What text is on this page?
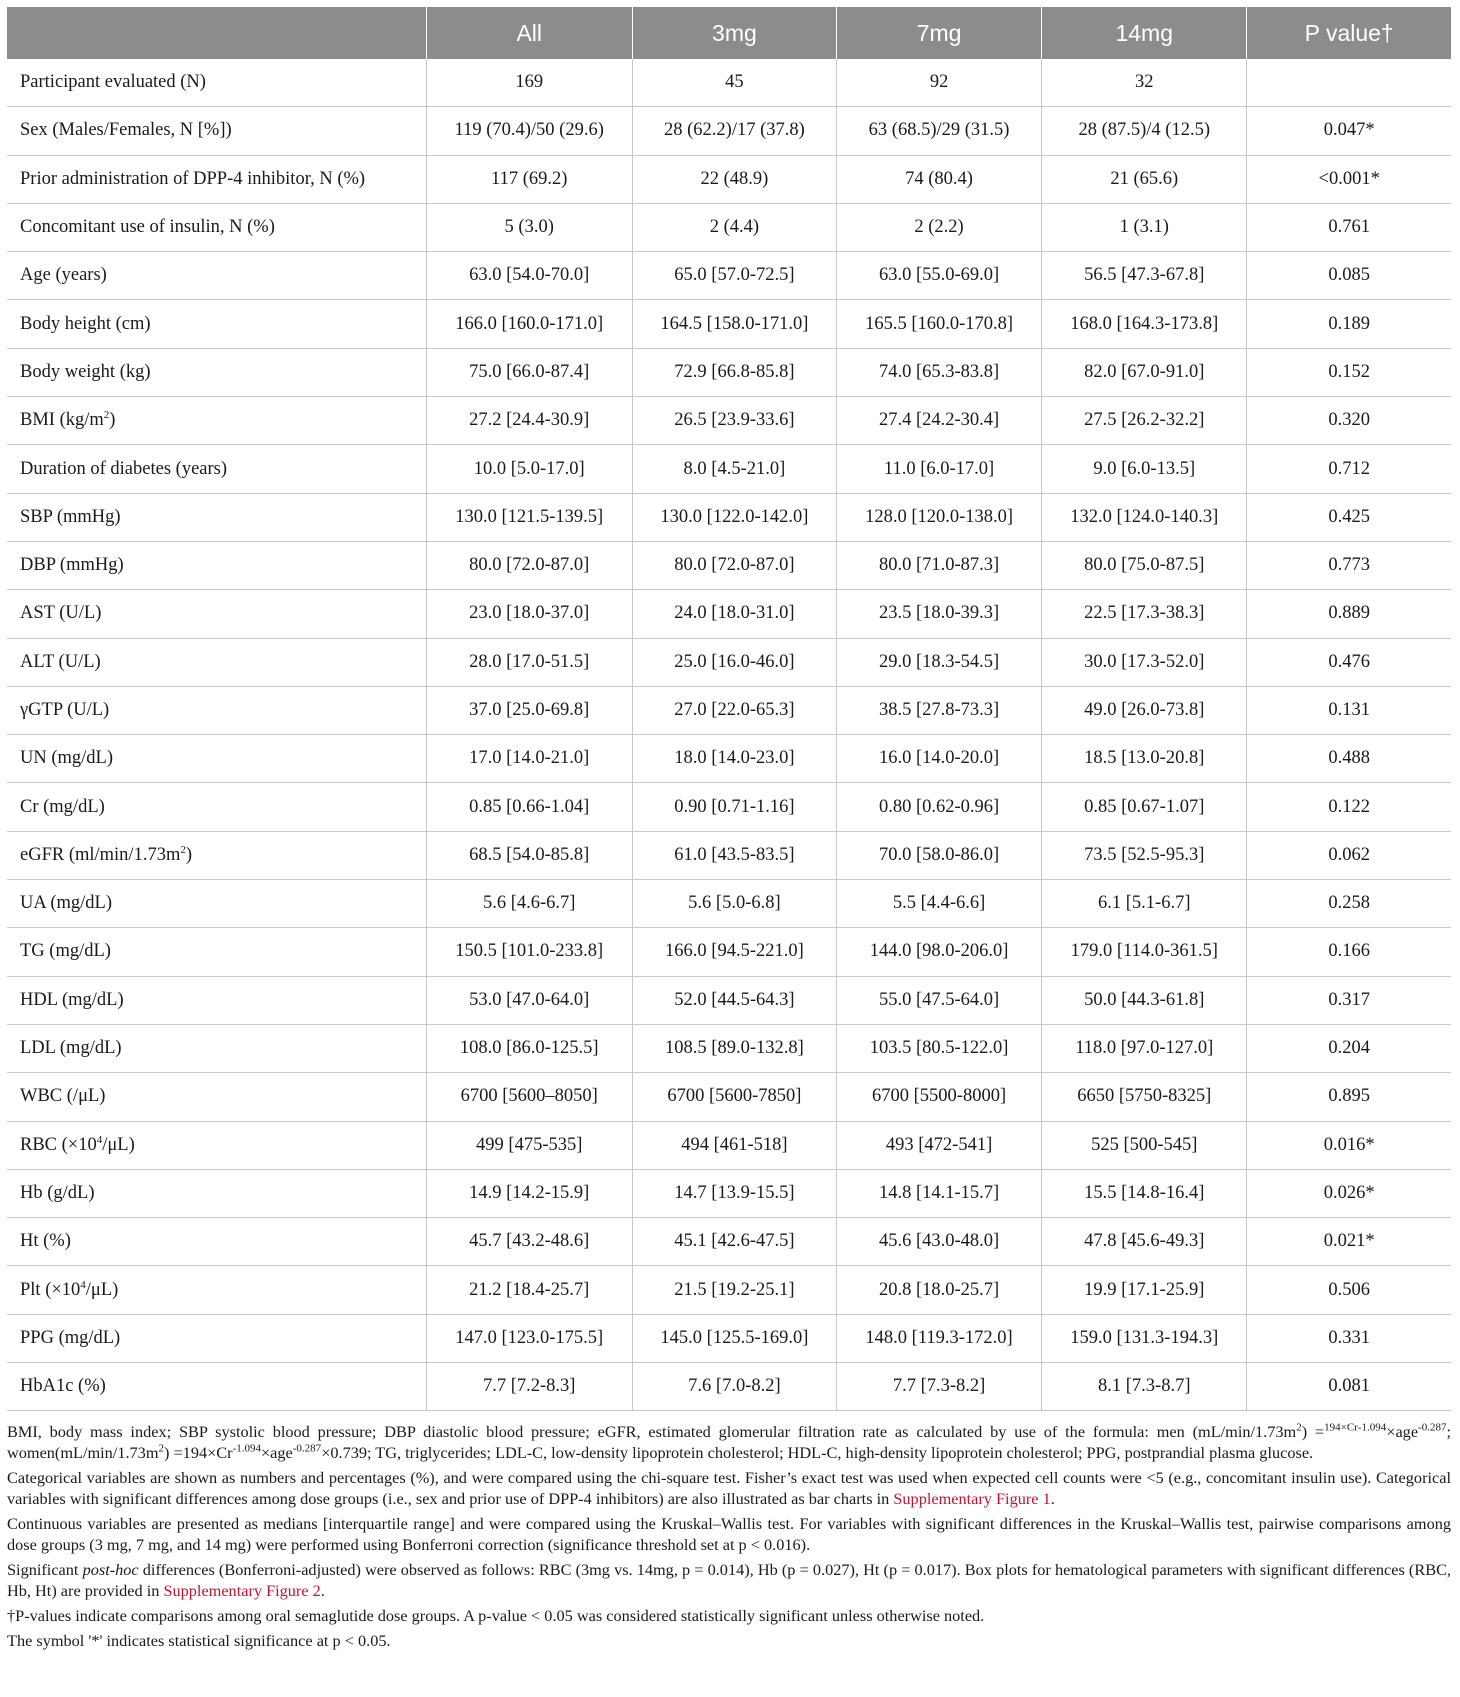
	All	3mg	7mg	14mg	P value†
Participant evaluated (N)	169	45	92	32	
Sex (Males/Females, N [%])	119 (70.4)/50 (29.6)	28 (62.2)/17 (37.8)	63 (68.5)/29 (31.5)	28 (87.5)/4 (12.5)	0.047*
Prior administration of DPP-4 inhibitor, N (%)	117 (69.2)	22 (48.9)	74 (80.4)	21 (65.6)	<0.001*
Concomitant use of insulin, N (%)	5 (3.0)	2 (4.4)	2 (2.2)	1 (3.1)	0.761
Age (years)	63.0 [54.0-70.0]	65.0 [57.0-72.5]	63.0 [55.0-69.0]	56.5 [47.3-67.8]	0.085
Body height (cm)	166.0 [160.0-171.0]	164.5 [158.0-171.0]	165.5 [160.0-170.8]	168.0 [164.3-173.8]	0.189
Body weight (kg)	75.0 [66.0-87.4]	72.9 [66.8-85.8]	74.0 [65.3-83.8]	82.0 [67.0-91.0]	0.152
BMI $(kg/m^2)$	27.2 [24.4-30.9]	26.5 [23.9-33.6]	27.4 [24.2-30.4]	27.5 [26.2-32.2]	0.320
Duration of diabetes (years)	10.0 [5.0-17.0]	8.0 [4.5-21.0]	11.0 [6.0-17.0]	9.0 [6.0-13.5]	0.712
SBP (mmHg)	130.0 [121.5-139.5]	130.0 [122.0-142.0]	128.0 [120.0-138.0]	132.0 [124.0-140.3]	0.425
DBP (mmHg)	80.0 [72.0-87.0]	80.0 [72.0-87.0]	80.0 [71.0-87.3]	80.0 [75.0-87.5]	0.773
AST (U/L)	23.0 [18.0-37.0]	24.0 [18.0-31.0]	23.5 [18.0-39.3]	22.5 [17.3-38.3]	0.889
ALT (U/L)	28.0 [17.0-51.5]	25.0 [16.0-46.0]	29.0 [18.3-54.5]	30.0 [17.3-52.0]	0.476
γGTP (U/L)	37.0 [25.0-69.8]	27.0 [22.0-65.3]	38.5 [27.8-73.3]	49.0 [26.0-73.8]	0.131
UN (mg/dL)	17.0 [14.0-21.0]	18.0 [14.0-23.0]	16.0 [14.0-20.0]	18.5 [13.0-20.8]	0.488
Cr (mg/dL)	0.85 [0.66-1.04]	0.90 [0.71-1.16]	0.80 [0.62-0.96]	0.85 [0.67-1.07]	0.122
eGFR $(ml/\min/1.73m^2)$	68.5 [54.0-85.8]	61.0 [43.5-83.5]	70.0 [58.0-86.0]	73.5 [52.5-95.3]	0.062
UA (mg/dL)	5.6 [4.6-6.7]	5.6 [5.0-6.8]	5.5 [4.4-6.6]	6.1 [5.1-6.7]	0.258
TG (mg/dL)	150.5 [101.0-233.8]	166.0 [94.5-221.0]	144.0 [98.0-206.0]	179.0 [114.0-361.5]	0.166
HDL (mg/dL)	53.0 [47.0-64.0]	52.0 [44.5-64.3]	55.0 [47.5-64.0]	50.0 [44.3-61.8]	0.317
LDL (mg/dL)	108.0 [86.0-125.5]	108.5 [89.0-132.8]	103.5 [80.5-122.0]	118.0 [97.0-127.0]	0.204
WBC (/μL)	6700 [5600–8050]	6700 [5600-7850]	6700 [5500-8000]	6650 [5750-8325]	0.895
RBC $(\times 10^4/\mu L)$	499 [475-535]	494 [461-518]	493 [472-541]	525 [500-545]	0.016*
Hb (g/dL)	14.9 [14.2-15.9]	14.7 [13.9-15.5]	14.8 [14.1-15.7]	15.5 [14.8-16.4]	0.026*
Ht (%)	45.7 [43.2-48.6]	45.1 [42.6-47.5]	45.6 [43.0-48.0]	47.8 [45.6-49.3]	0.021*
Plt $(\times 10^4/\mu L)$	21.2 [18.4-25.7]	21.5 [19.2-25.1]	20.8 [18.0-25.7]	19.9 [17.1-25.9]	0.506
PPG (mg/dL)	147.0 [123.0-175.5]	145.0 [125.5-169.0]	148.0 [119.3-172.0]	159.0 [131.3-194.3]	0.331
HbA1c (%)	7.7 [7.2-8.3]	7.6 [7.0-8.2]	7.7 [7.3-8.2]	8.1 [7.3-8.7]	0.081

BMI, body mass index; SBP systolic blood pressure; DBP diastolic blood pressure; eGFR, estimated glomerular filtration rate as calculated by use of the formula: men $(mL/\min/1.73m^2) =^{194\times Cr-1.094}\times age^{-0.287}$; $women(mL/\min/1.73m^2) =194\times Cr^{-1.094}\times age^{-0.287}\times 0.739$; TG, triglycerides; LDL-C, low-density lipoprotein cholesterol; HDL-C, high-density lipoprotein cholesterol; PPG, postprandial plasma glucose.

Categorical variables are shown as numbers and percentages (%), and were compared using the chi-square test. Fisher’s exact test was used when expected cell counts were <5 (e.g., concomitant insulin use). Categorical variables with significant differences among dose groups (i.e., sex and prior use of DPP-4 inhibitors) are also illustrated as bar charts in Supplementary Figure 1.

Continuous variables are presented as medians [interquartile range] and were compared using the Kruskal–Wallis test. For variables with significant differences in the Kruskal–Wallis test, pairwise comparisons among dose groups (3 mg, 7 mg, and 14 mg) were performed using Bonferroni correction (significance threshold set at p < 0.016).

Significant post-hoc differences (Bonferroni-adjusted) were observed as follows: RBC (3mg vs. 14mg, p = 0.014), Hb (p = 0.027), Ht (p = 0.017). Box plots for hematological parameters with significant differences (RBC, Hb, Ht) are provided in Supplementary Figure 2.

†P-values indicate comparisons among oral semaglutide dose groups. A p-value < 0.05 was considered statistically significant unless otherwise noted.

The symbol '*' indicates statistical significance at p < 0.05.
